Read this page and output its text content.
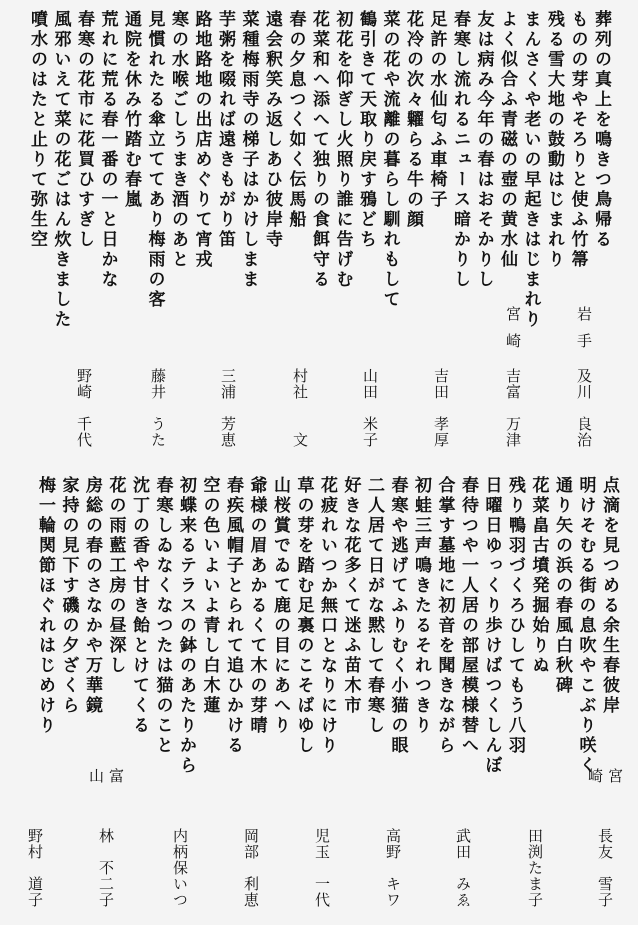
葬列の真上を鳴きつ鳥帰る
ものの芽やそろりと使ふ竹箒
残る雪大地の鼓動はじまれり
まんさくや老いの早起きはじまれり
よく似合ふ青磁の壺の黄水仙
友は病み今年の春はおそかりし
春寒し流れるニュース暗かりし
足許の水仙匂ふ車椅子
花冷の次々糶らる牛の顔
菜の花や流離の暮らし馴れもして
鶴引きて天取り戻す鴉どち
初花を仰ぎし火照り誰に告げむ
花菜和へ添へて独りの食餌守る
春の夕息つく如く伝馬船
遠会釈笑み返しあひ彼岸寺
菜種梅雨寺の梯子はかけしまま
芋粥を啜れば遠きもがり笛
路地路地の出店めぐりて宵戎
寒の水喉ごしうまき酒のあと
見慣れたる傘立ててあり梅雨の客
通院を休み竹踏む春嵐
荒れに荒る春一番の一と日かな
春寒の花市に花買ひすぎし
風邪いえて菜の花ごはん炊きました
噴水のはたと止りて弥生空
点滴を見つめる余生春彼岸
明けそむる街の息吹やこぶり咲く
通り矢の浜の春風白秋碑
花菜畠古墳発掘始りぬ
残り鴨羽づくろひしてもう八羽
日曜日ゆっくり歩けばつくしんぼ
春待つや一人居の部屋模様替へ
合掌す墓地に初音を聞きながら
初蛙三声鳴きたるそれつきり
春寒や逃げてふりむく小猫の眼
二人居て日がな黙して春寒し
好きな花多くて迷ふ苗木市
花疲れいつか無口となりにけり
草の芽を踏む足裏のこそばゆし
山桜賞でゐて鹿の目にあへり
爺様の眉あかるくて木の芽晴
春疾風帽子とられて追ひかける
空の色いよいよ青し白木蓮
初蝶来るテラスの鉢のあたりから
春寒しゐなくなつたは猫のこと
沈丁の香や甘き飴とけてくる
花の雨藍工房の昼深し
房総の春のさなかや万華鏡
家持の見下す磯の夕ざくら
梅一輪関節ほぐれはじめけり
岩手
及川　良治
宮崎
吉富　万津
吉田　孝厚
山田　米子
村社　　文
三浦　芳恵
藤井　うた
野崎　千代
宮崎
長友　雪子
田渕たま子
武田　みゑ
高野　キワ
児玉　一代
岡部　利恵
内柄保いつ
富山
林　不二子
野村　道子
